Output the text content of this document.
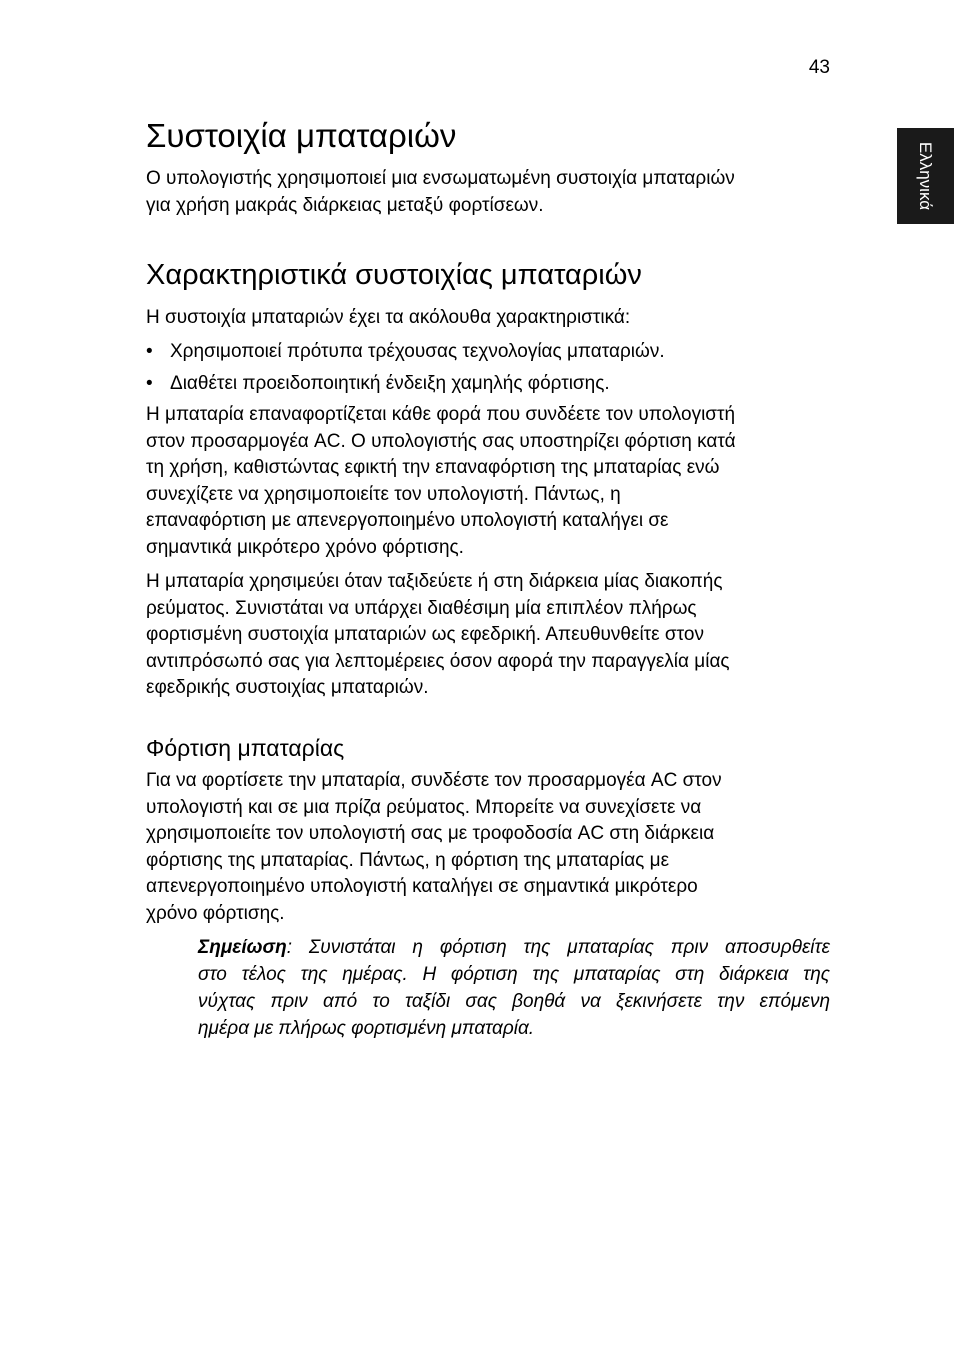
43
Ελληνικά
Συστοιχία μπαταριών

Ο υπολογιστής χρησιμοποιεί μια ενσωματωμένη συστοιχία μπαταριών
για χρήση μακράς διάρκειας μεταξύ φορτίσεων.

Χαρακτηριστικά συστοιχίας μπαταριών

Η συστοιχία μπαταριών έχει τα ακόλουθα χαρακτηριστικά:

• Χρησιμοποιεί πρότυπα τρέχουσας τεχνολογίας μπαταριών.
• Διαθέτει προειδοποιητική ένδειξη χαμηλής φόρτισης.

Η μπαταρία επαναφορτίζεται κάθε φορά που συνδέετε τον υπολογιστή
στον προσαρμογέα AC. Ο υπολογιστής σας υποστηρίζει φόρτιση κατά
τη χρήση, καθιστώντας εφικτή την επαναφόρτιση της μπαταρίας ενώ
συνεχίζετε να χρησιμοποιείτε τον υπολογιστή. Πάντως, η
επαναφόρτιση με απενεργοποιημένο υπολογιστή καταλήγει σε
σημαντικά μικρότερο χρόνο φόρτισης.

Η μπαταρία χρησιμεύει όταν ταξιδεύετε ή στη διάρκεια μίας διακοπής
ρεύματος. Συνιστάται να υπάρχει διαθέσιμη μία επιπλέον πλήρως
φορτισμένη συστοιχία μπαταριών ως εφεδρική. Απευθυνθείτε στον
αντιπρόσωπό σας για λεπτομέρειες όσον αφορά την παραγγελία μίας
εφεδρικής συστοιχίας μπαταριών.

Φόρτιση μπαταρίας

Για να φορτίσετε την μπαταρία, συνδέστε τον προσαρμογέα AC στον
υπολογιστή και σε μια πρίζα ρεύματος. Μπορείτε να συνεχίσετε να
χρησιμοποιείτε τον υπολογιστή σας με τροφοδοσία AC στη διάρκεια
φόρτισης της μπαταρίας. Πάντως, η φόρτιση της μπαταρίας με
απενεργοποιημένο υπολογιστή καταλήγει σε σημαντικά μικρότερο
χρόνο φόρτισης.

Σημείωση: Συνιστάται η φόρτιση της μπαταρίας πριν αποσυρθείτε
στο τέλος της ημέρας. Η φόρτιση της μπαταρίας στη διάρκεια της
νύχτας πριν από το ταξίδι σας βοηθά να ξεκινήσετε την επόμενη
ημέρα με πλήρως φορτισμένη μπαταρία.
